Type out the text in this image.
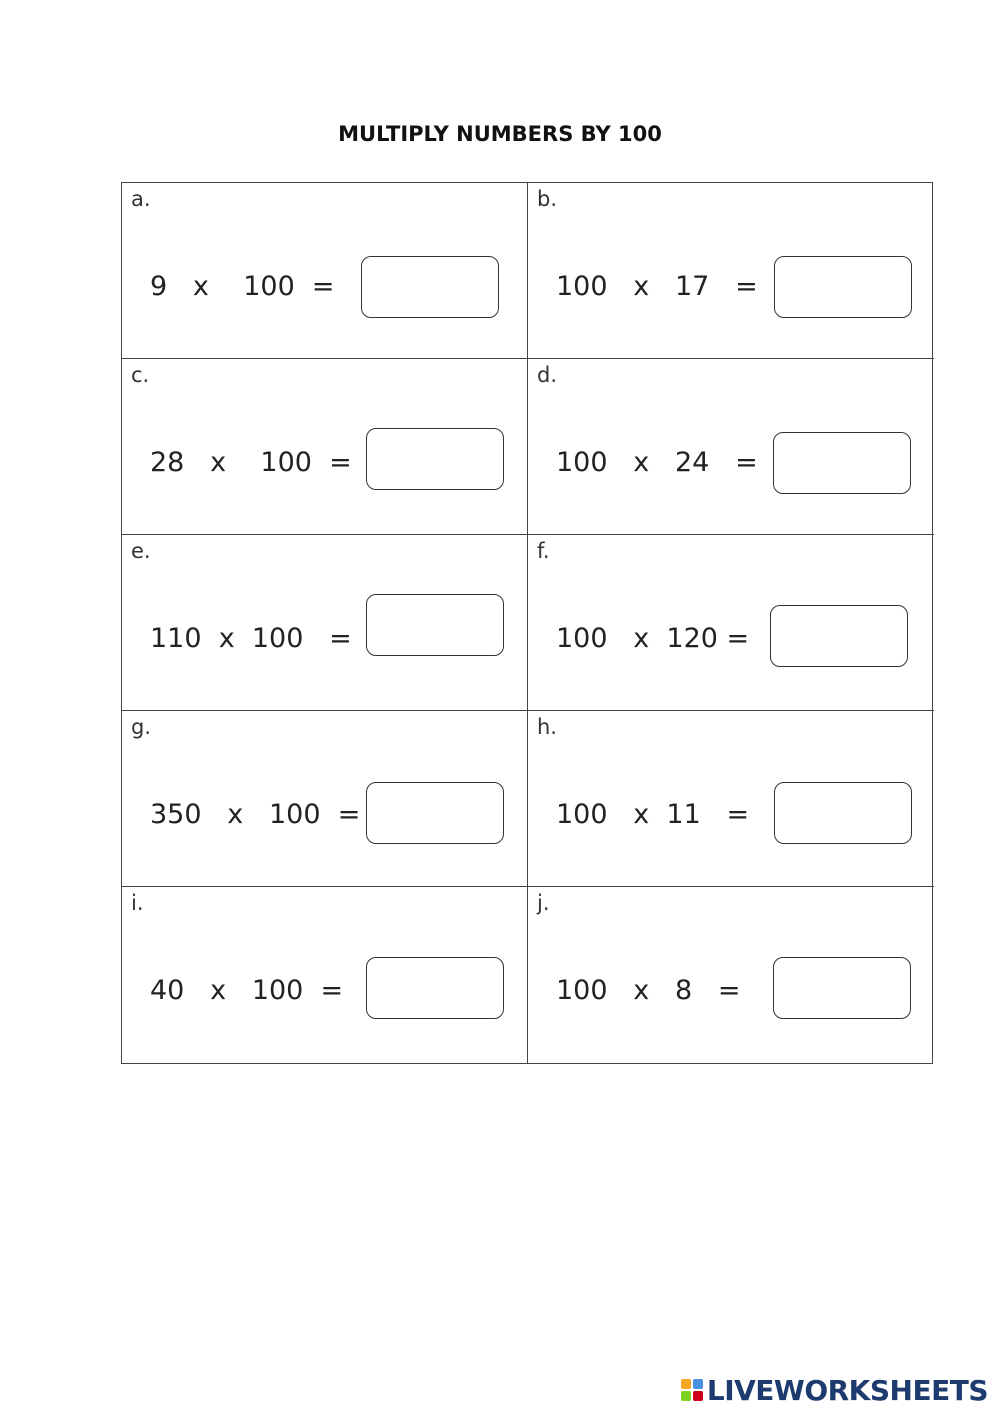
MULTIPLY NUMBERS BY 100
a.
9   x    100  =
b.
100   x   17   =
c.
28   x    100  =
d.
100   x   24   =
e.
110  x  100   =
f.
100   x  120 =
g.
350   x   100  =
h.
100   x  11   =
i.
40   x   100  =
j.
100   x   8   =
LIVEWORKSHEETS
